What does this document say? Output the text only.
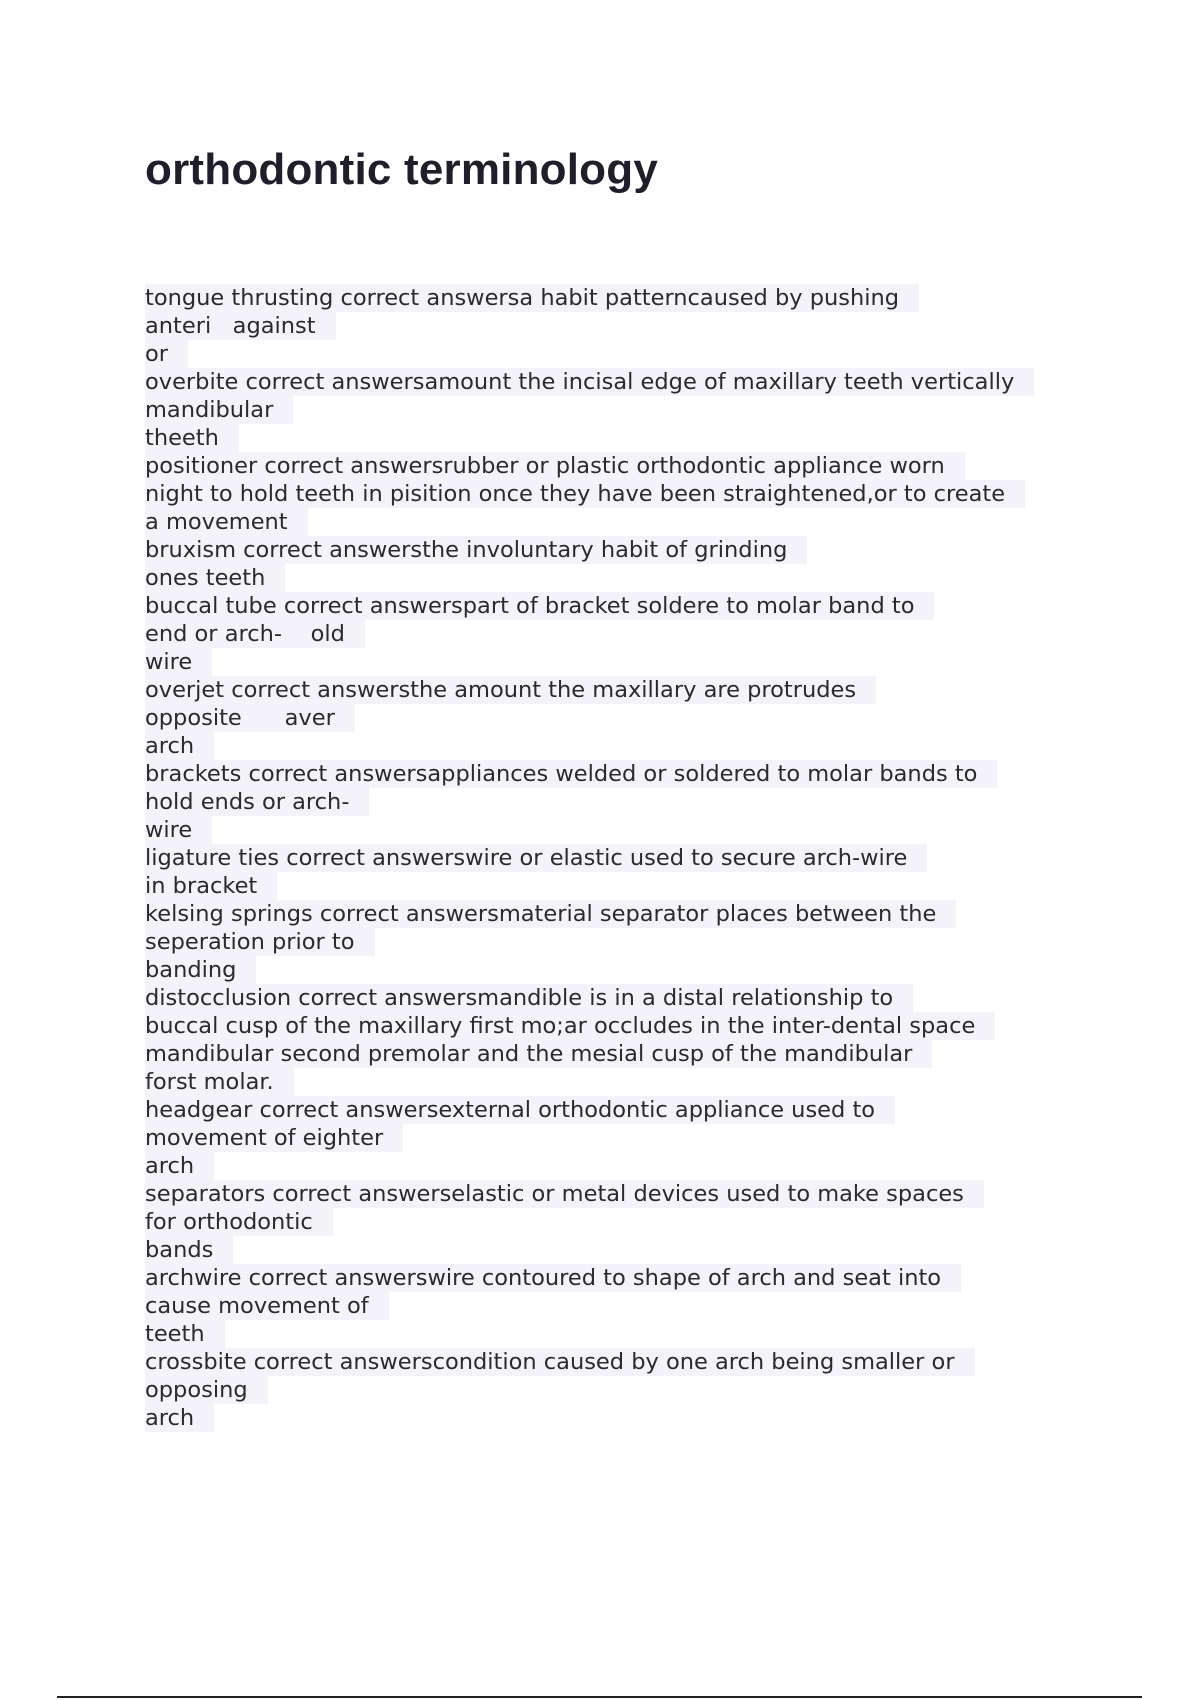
orthodontic terminology
tongue thrusting correct answersa habit patterncaused by pushing
anteri   against
or
overbite correct answersamount the incisal edge of maxillary teeth vertically
mandibular
theeth
positioner correct answersrubber or plastic orthodontic appliance worn
night to hold teeth in pisition once they have been straightened,or to create
a movement
bruxism correct answersthe involuntary habit of grinding
ones teeth
buccal tube correct answerspart of bracket soldere to molar band to
end or arch-    old
wire
overjet correct answersthe amount the maxillary are protrudes
opposite      aver
arch
brackets correct answersappliances welded or soldered to molar bands to
hold ends or arch-
wire
ligature ties correct answerswire or elastic used to secure arch-wire
in bracket
kelsing springs correct answersmaterial separator places between the
seperation prior to
banding
distocclusion correct answersmandible is in a distal relationship to
buccal cusp of the maxillary first mo;ar occludes in the inter-dental space
mandibular second premolar and the mesial cusp of the mandibular
forst molar.
headgear correct answersexternal orthodontic appliance used to
movement of eighter
arch
separators correct answerselastic or metal devices used to make spaces
for orthodontic
bands
archwire correct answerswire contoured to shape of arch and seat into
cause movement of
teeth
crossbite correct answerscondition caused by one arch being smaller or
opposing
arch
